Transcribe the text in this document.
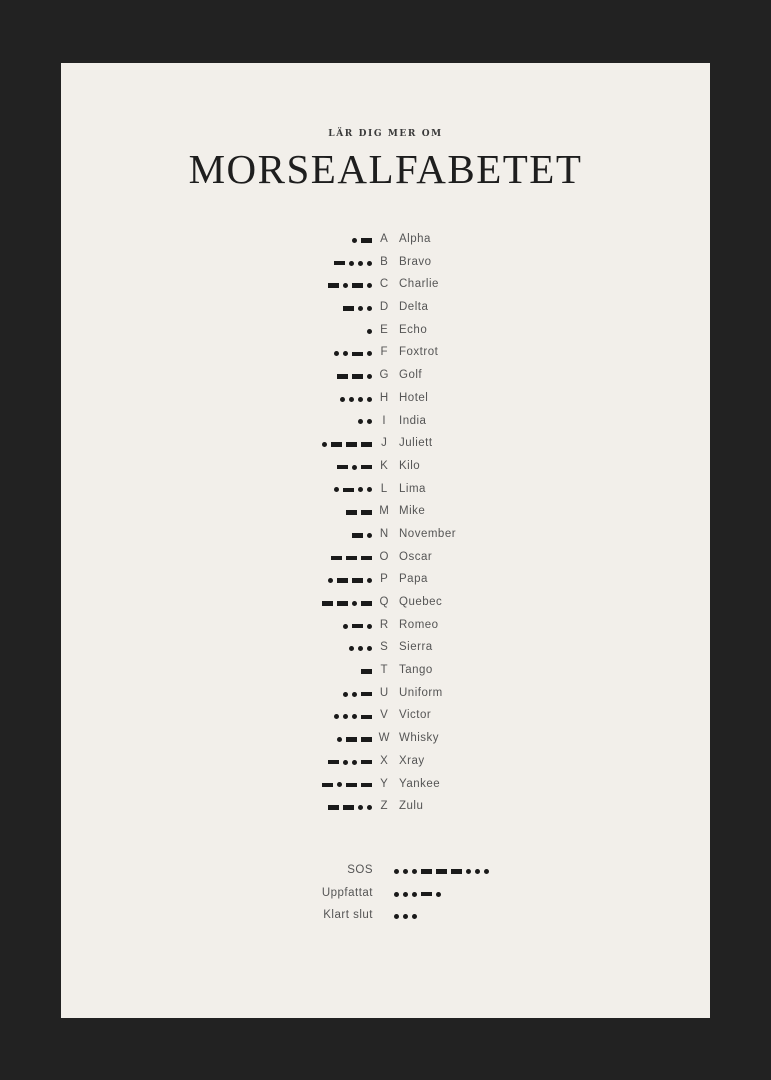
LÄR DIG MER OM
MORSEALFABETET
A Alpha
B Bravo
C Charlie
D Delta
E Echo
F Foxtrot
G Golf
H Hotel
I	India
J Juliett
K Kilo
L Lima
M Mike
N November
O Oscar
P Papa
Q Quebec
R Romeo
S Sierra
T Tango
U Uniform
V Victor
W Whisky
X Xray
Y Yankee
Z Zulu
SOS
Uppfattat
Klart slut
